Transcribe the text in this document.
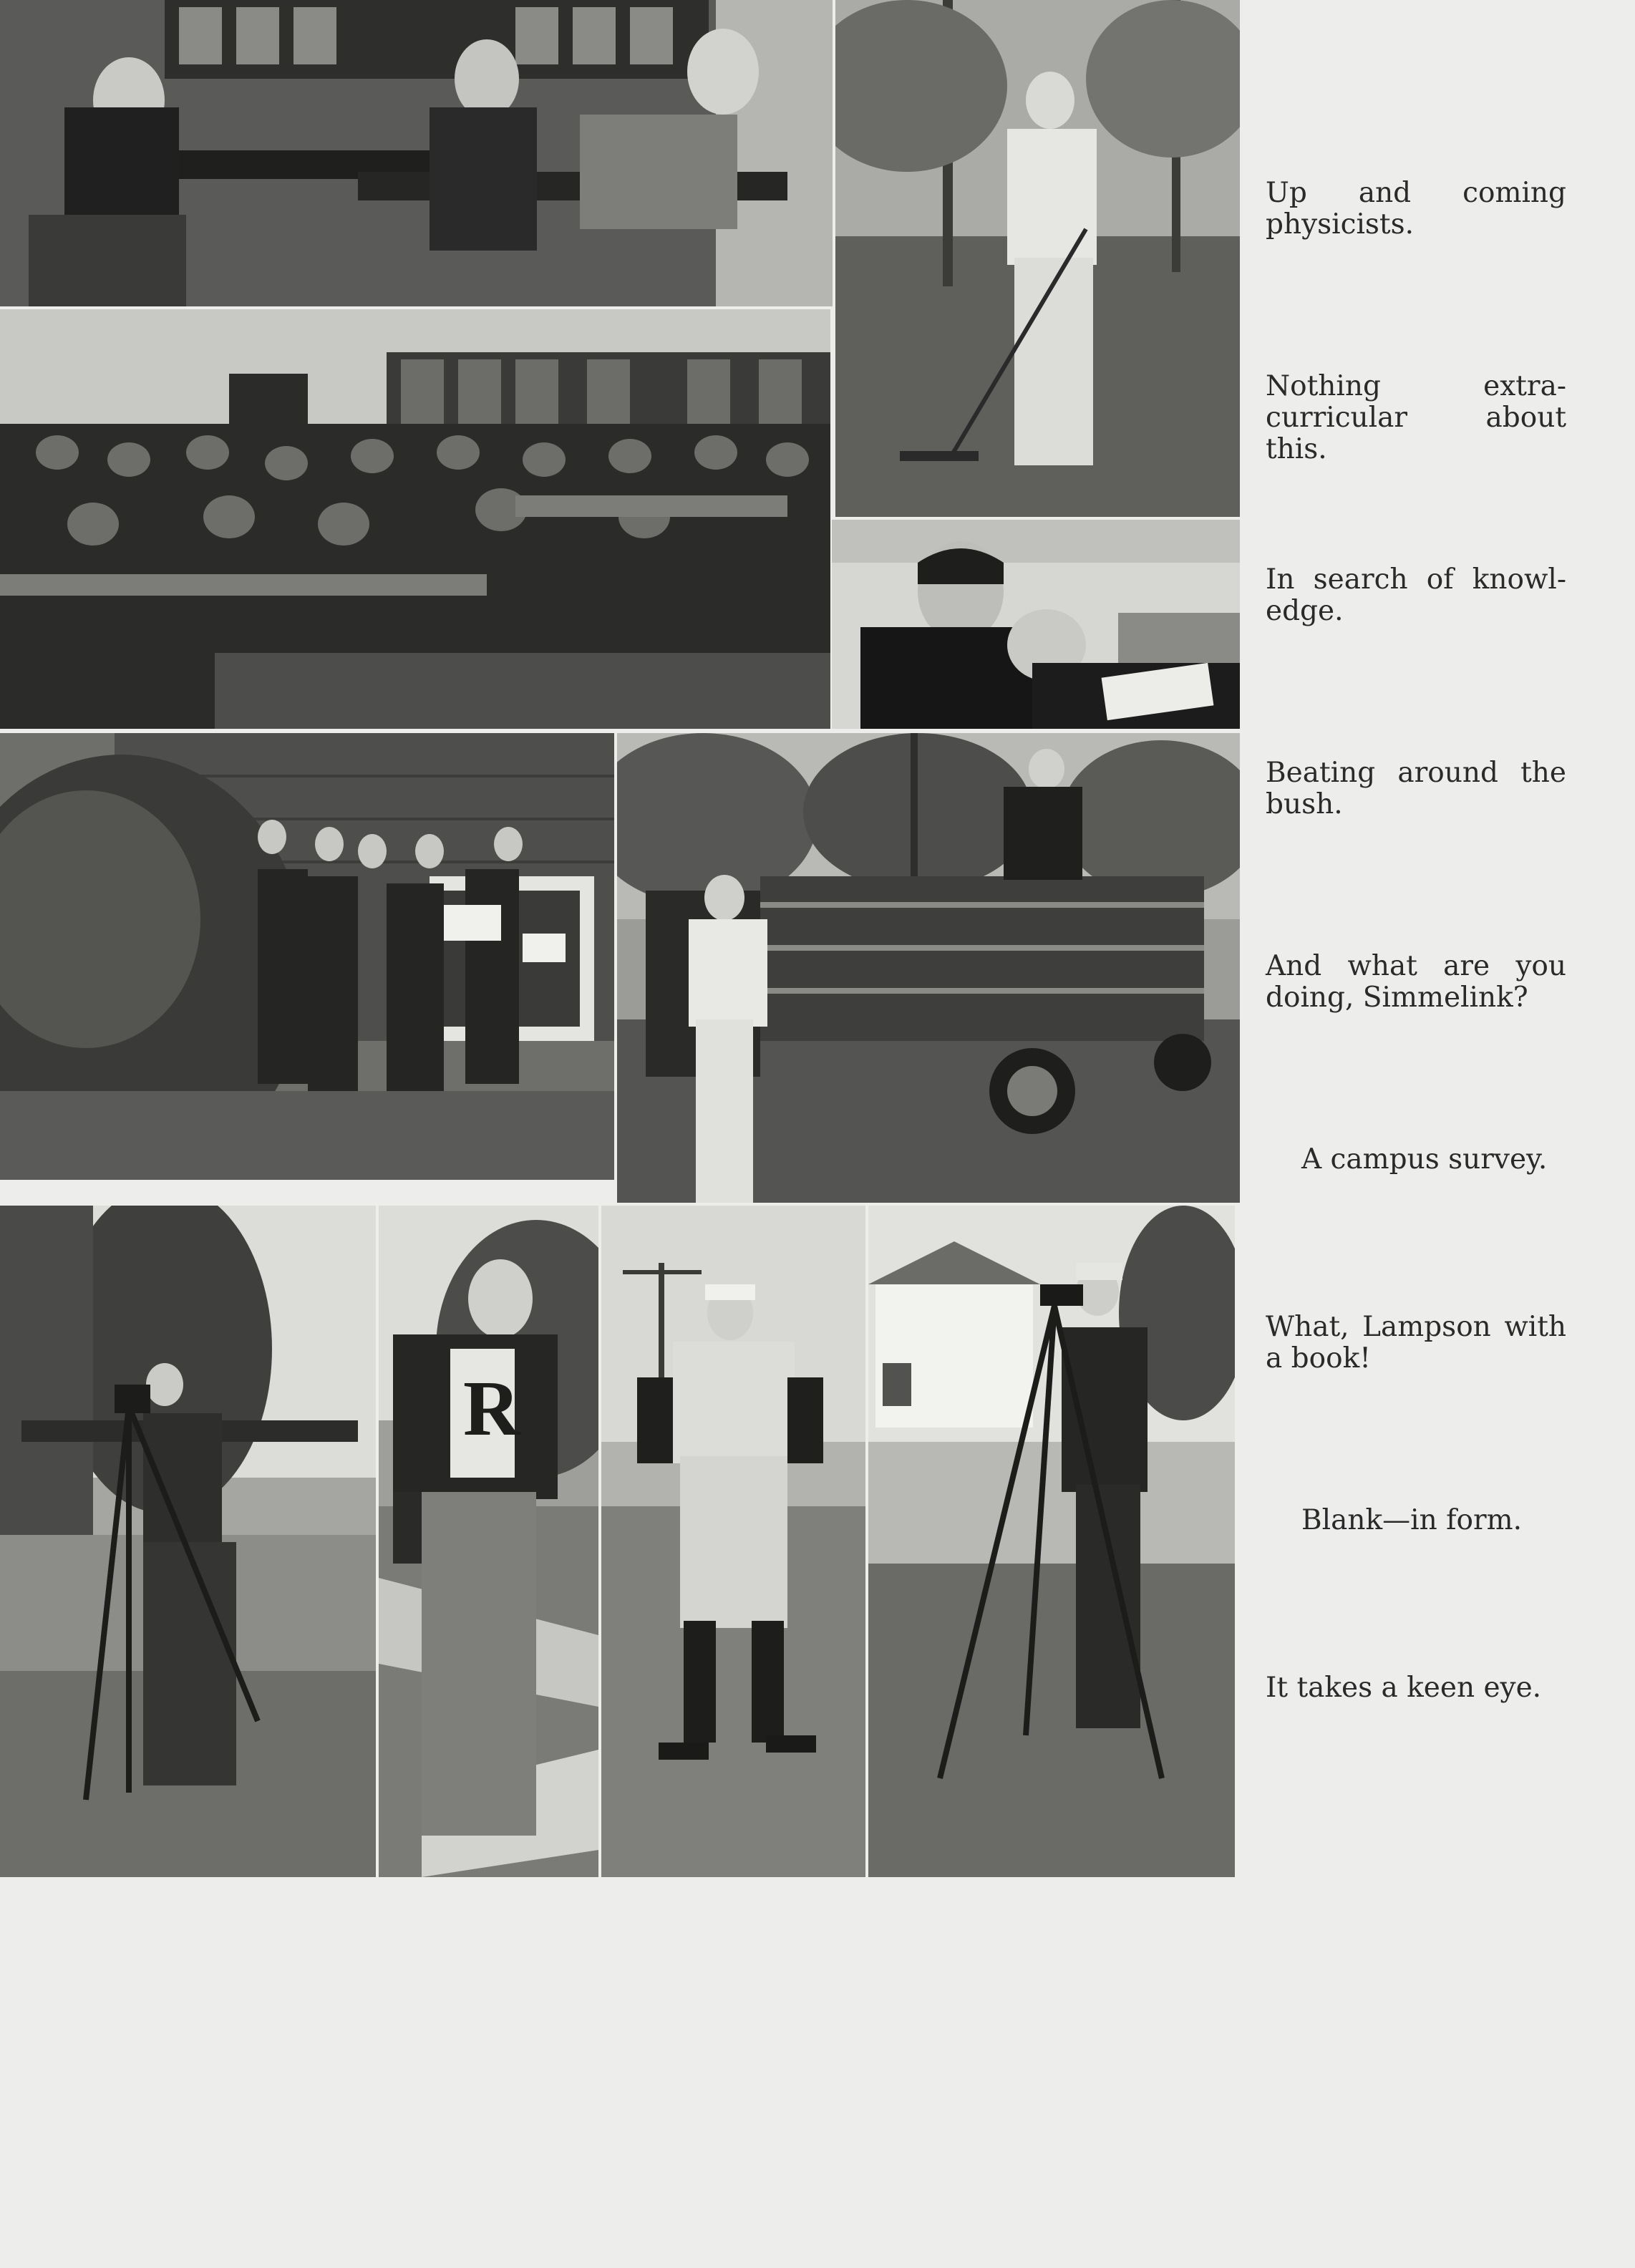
R

Up and coming physicists.

Nothing extra-curricular about this.

In search of knowl-edge.

Beating around the bush.

And what are you doing, Simmelink?

A campus survey.

What, Lampson with a book!

Blank—in form.

It takes a keen eye.
